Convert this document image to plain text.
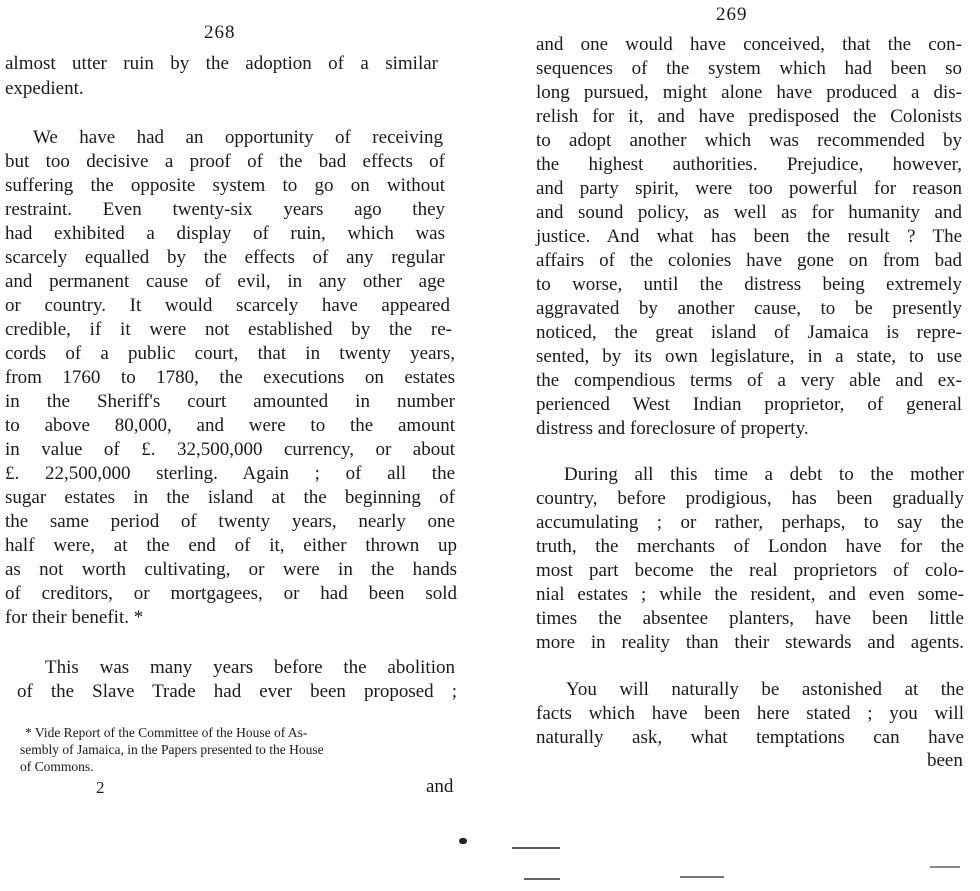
268
almost utter ruin by the adoption of a similar
expedient.
We have had an opportunity of receiving
but too decisive a proof of the bad effects of
suffering the opposite system to go on without
restraint. Even twenty-six years ago they
had exhibited a display of ruin, which was
scarcely equalled by the effects of any regular
and permanent cause of evil, in any other age
or country. It would scarcely have appeared
credible, if it were not established by the re-
cords of a public court, that in twenty years,
from 1760 to 1780, the executions on estates
in the Sheriff's court amounted in number
to above 80,000, and were to the amount
in value of £. 32,500,000 currency, or about
£. 22,500,000 sterling. Again ; of all the
sugar estates in the island at the beginning of
the same period of twenty years, nearly one
half were, at the end of it, either thrown up
as not worth cultivating, or were in the hands
of creditors, or mortgagees, or had been sold
for their benefit. *
This was many years before the abolition
of the Slave Trade had ever been proposed ;
* Vide Report of the Committee of the House of As-
sembly of Jamaica, in the Papers presented to the House
of Commons.
2	and
269
and one would have conceived, that the con-
sequences of the system which had been so
long pursued, might alone have produced a dis-
relish for it, and have predisposed the Colonists
to adopt another which was recommended by
the highest authorities. Prejudice, however,
and party spirit, were too powerful for reason
and sound policy, as well as for humanity and
justice. And what has been the result ? The
affairs of the colonies have gone on from bad
to worse, until the distress being extremely
aggravated by another cause, to be presently
noticed, the great island of Jamaica is repre-
sented, by its own legislature, in a state, to use
the compendious terms of a very able and ex-
perienced West Indian proprietor, of general
distress and foreclosure of property.
During all this time a debt to the mother
country, before prodigious, has been gradually
accumulating ; or rather, perhaps, to say the
truth, the merchants of London have for the
most part become the real proprietors of colo-
nial estates ; while the resident, and even some-
times the absentee planters, have been little
more in reality than their stewards and agents.
You will naturally be astonished at the
facts which have been here stated ; you will
naturally ask, what temptations can have
been
